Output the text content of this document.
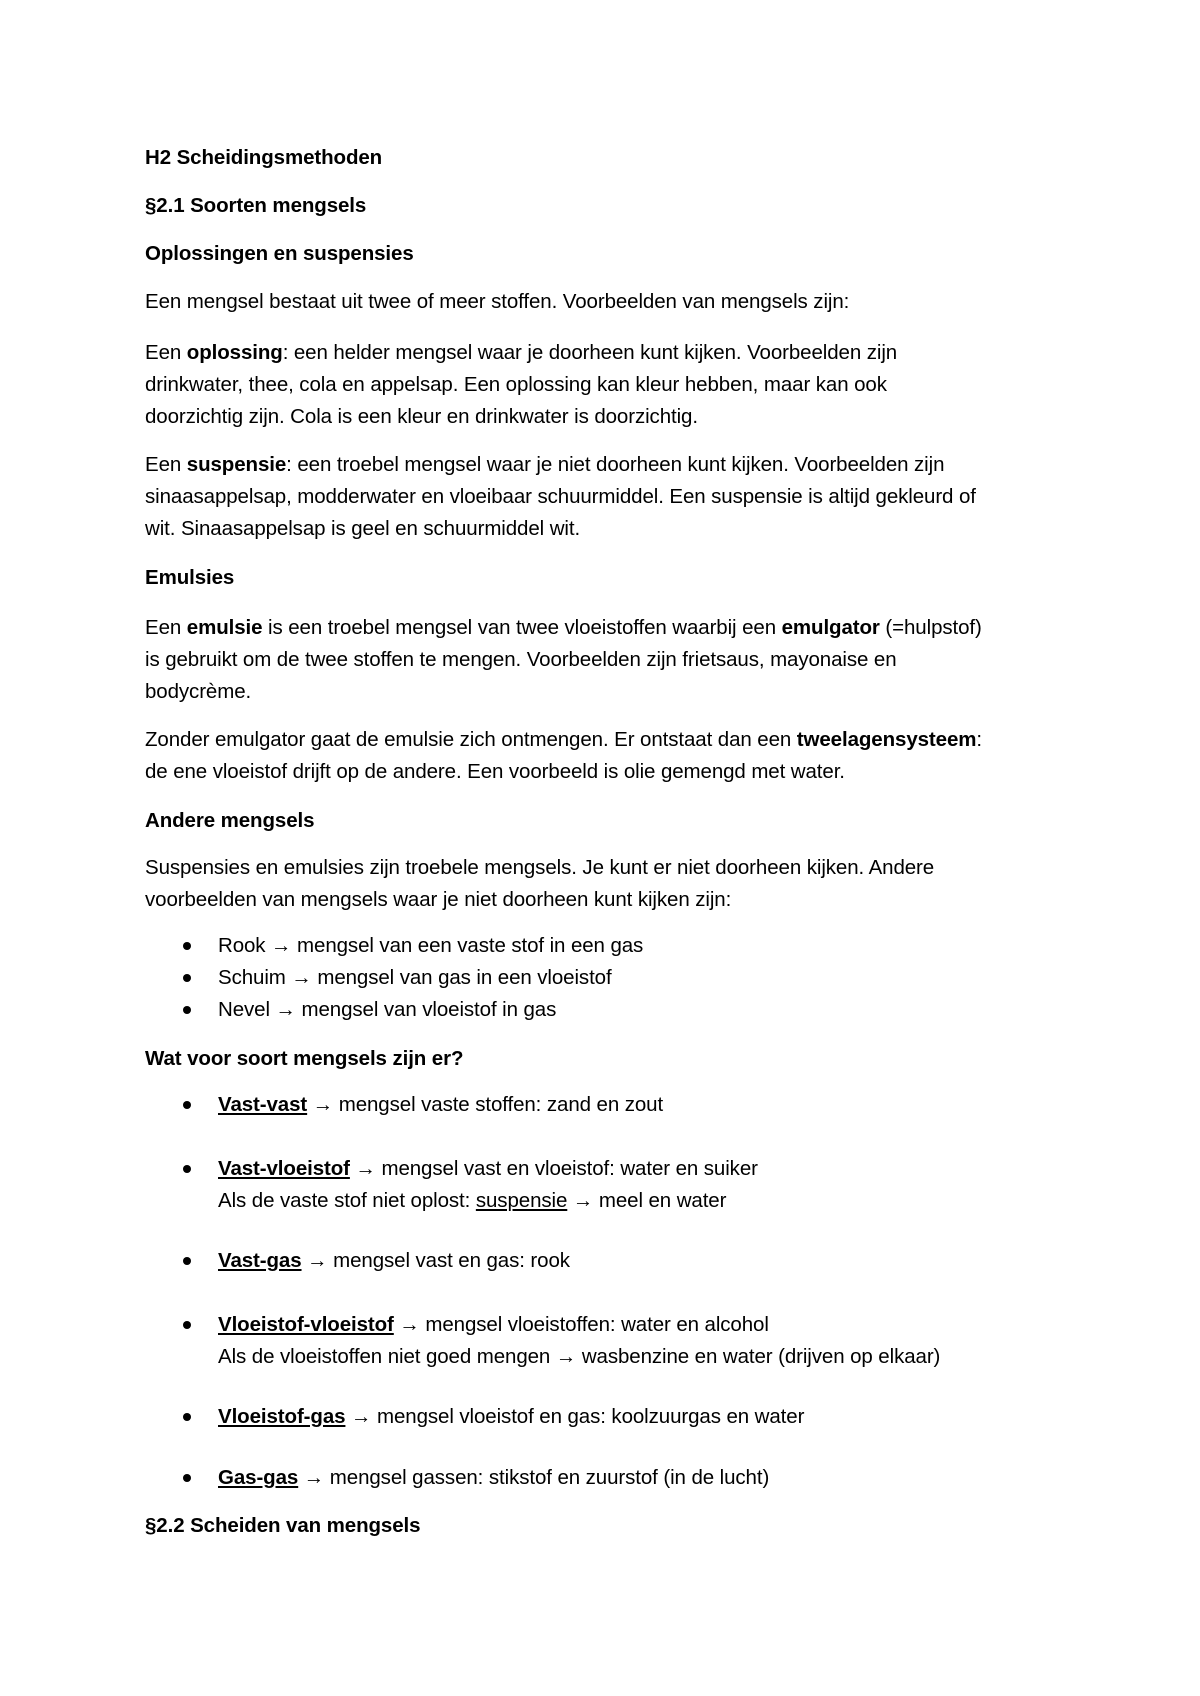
H2 Scheidingsmethoden
§2.1 Soorten mengsels
Oplossingen en suspensies
Een mengsel bestaat uit twee of meer stoffen. Voorbeelden van mengsels zijn:
Een oplossing: een helder mengsel waar je doorheen kunt kijken. Voorbeelden zijn
drinkwater, thee, cola en appelsap. Een oplossing kan kleur hebben, maar kan ook
doorzichtig zijn. Cola is een kleur en drinkwater is doorzichtig.
Een suspensie: een troebel mengsel waar je niet doorheen kunt kijken. Voorbeelden zijn
sinaasappelsap, modderwater en vloeibaar schuurmiddel. Een suspensie is altijd gekleurd of
wit. Sinaasappelsap is geel en schuurmiddel wit.
Emulsies
Een emulsie is een troebel mengsel van twee vloeistoffen waarbij een emulgator (=hulpstof)
is gebruikt om de twee stoffen te mengen. Voorbeelden zijn frietsaus, mayonaise en
bodycrème.
Zonder emulgator gaat de emulsie zich ontmengen. Er ontstaat dan een tweelagensysteem:
de ene vloeistof drijft op de andere. Een voorbeeld is olie gemengd met water.
Andere mengsels
Suspensies en emulsies zijn troebele mengsels. Je kunt er niet doorheen kijken. Andere
voorbeelden van mengsels waar je niet doorheen kunt kijken zijn:
Rook → mengsel van een vaste stof in een gas
Schuim → mengsel van gas in een vloeistof
Nevel → mengsel van vloeistof in gas
Wat voor soort mengsels zijn er?
Vast-vast → mengsel vaste stoffen: zand en zout
Vast-vloeistof → mengsel vast en vloeistof: water en suiker
Als de vaste stof niet oplost: suspensie → meel en water
Vast-gas → mengsel vast en gas: rook
Vloeistof-vloeistof → mengsel vloeistoffen: water en alcohol
Als de vloeistoffen niet goed mengen → wasbenzine en water (drijven op elkaar)
Vloeistof-gas → mengsel vloeistof en gas: koolzuurgas en water
Gas-gas → mengsel gassen: stikstof en zuurstof (in de lucht)
§2.2 Scheiden van mengsels
